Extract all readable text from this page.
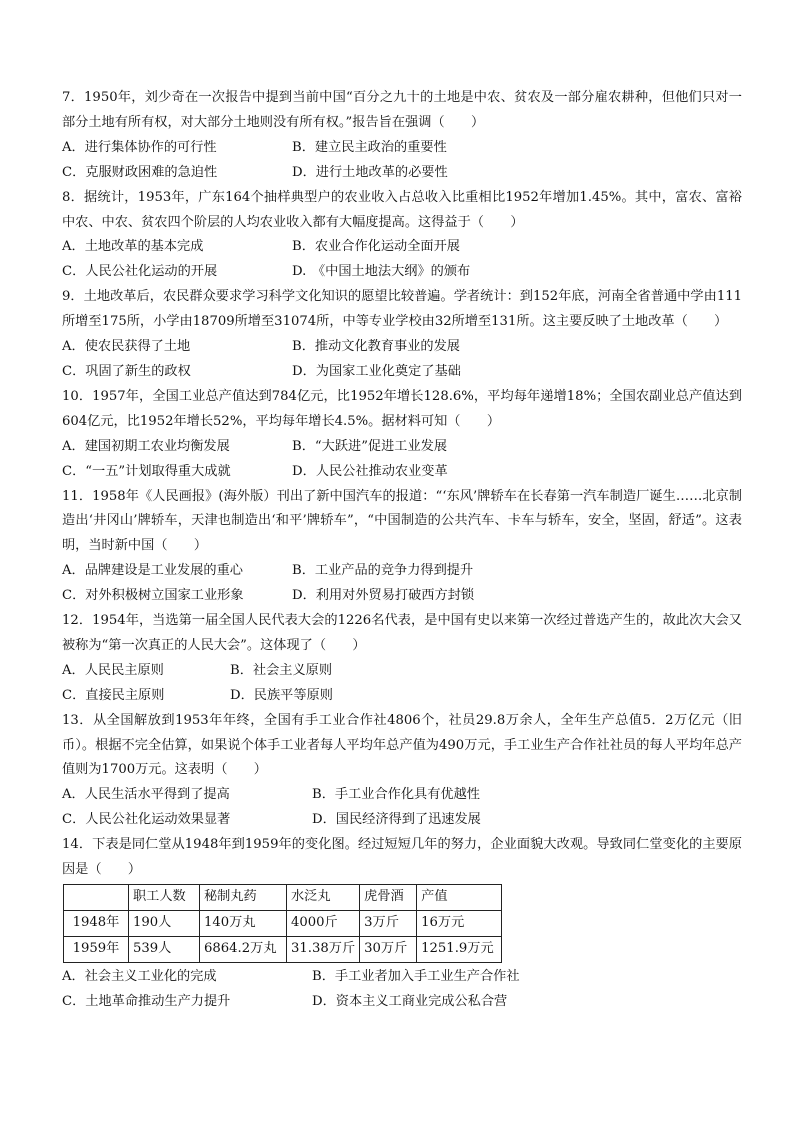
7．1950年，刘少奇在一次报告中提到当前中国“百分之九十的土地是中农、贫农及一部分雇农耕种，但他们只对一部分土地有所有权，对大部分土地则没有所有权。”报告旨在强调（　　）

A．进行集体协作的可行性	B．建立民主政治的重要性
C．克服财政困难的急迫性	D．进行土地改革的必要性

8．据统计，1953年，广东164个抽样典型户的农业收入占总收入比重相比1952年增加1.45%。其中，富农、富裕中农、中农、贫农四个阶层的人均农业收入都有大幅度提高。这得益于（　　）

A．土地改革的基本完成	B．农业合作化运动全面开展
C．人民公社化运动的开展	D. 《中国土地法大纲》的颁布

9．土地改革后，农民群众要求学习科学文化知识的愿望比较普遍。学者统计：到152年底，河南全省普通中学由111所增至175所，小学由18709所增至31074所，中等专业学校由32所增至131所。这主要反映了土地改革（　　）

A．使农民获得了土地	B．推动文化教育事业的发展
C．巩固了新生的政权	D．为国家工业化奠定了基础

10．1957年，全国工业总产值达到784亿元，比1952年增长128.6%，平均每年递增18%；全国农副业总产值达到604亿元，比1952年增长52%，平均每年增长4.5%。据材料可知（　　）

A．建国初期工农业均衡发展	B．“大跃进”促进工业发展
C．“一五”计划取得重大成就	D．人民公社推动农业变革

11．1958年《人民画报》(海外版）刊出了新中国汽车的报道：“‘东风’牌轿车在长春第一汽车制造厂诞生……北京制造出‘井冈山’牌轿车，天津也制造出‘和平’牌轿车”，“中国制造的公共汽车、卡车与轿车，安全，坚固，舒适”。这表明，当时新中国（　　）

A．品牌建设是工业发展的重心	B．工业产品的竞争力得到提升
C．对外积极树立国家工业形象	D．利用对外贸易打破西方封锁

12．1954年，当选第一届全国人民代表大会的1226名代表，是中国有史以来第一次经过普选产生的，故此次大会又被称为“第一次真正的人民大会”。这体现了（　　）

A．人民民主原则	B．社会主义原则
C．直接民主原则	D．民族平等原则

13．从全国解放到1953年年终，全国有手工业合作社4806个，社员29.8万余人，全年生产总值5．2万亿元（旧币）。根据不完全估算，如果说个体手工业者每人平均年总产值为490万元，手工业生产合作社社员的每人平均年总产值则为1700万元。这表明（　　）

A．人民生活水平得到了提高	B．手工业合作化具有优越性
C．人民公社化运动效果显著	D．国民经济得到了迅速发展

14．下表是同仁堂从1948年到1959年的变化图。经过短短几年的努力，企业面貌大改观。导致同仁堂变化的主要原因是（　　）

	职工人数	秘制丸药	水泛丸	虎骨酒	产值
1948年	190人	140万丸	4000斤	3万斤	16万元
1959年	539人	6864.2万丸	31.38万斤	30万斤	1251.9万元
A．社会主义工业化的完成	B．手工业者加入手工业生产合作社
C．土地革命推动生产力提升	D．资本主义工商业完成公私合营
